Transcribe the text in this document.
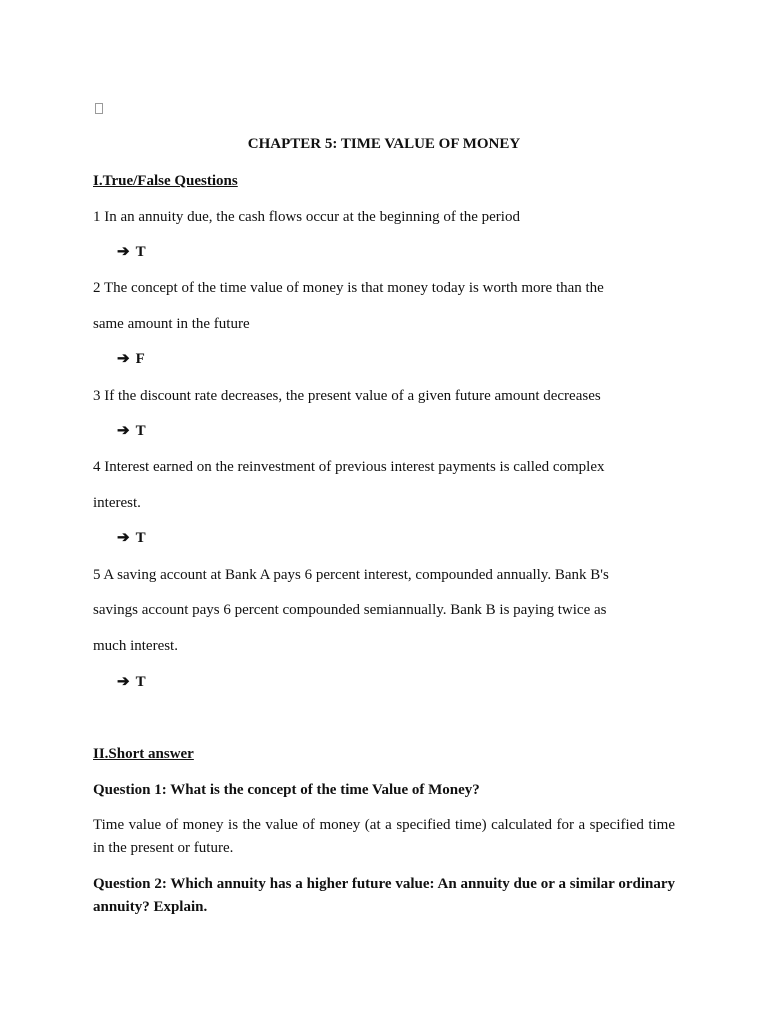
CHAPTER 5: TIME VALUE OF MONEY
I.True/False Questions
1 In an annuity due, the cash flows occur at the beginning of the period
➔ T
2 The concept of the time value of money is that money today is worth more than the
same amount in the future
➔ F
3 If the discount rate decreases, the present value of a given future amount decreases
➔ T
4 Interest earned on the reinvestment of previous interest payments is called complex
interest.
➔ T
5 A saving account at Bank A pays 6 percent interest, compounded annually. Bank B's
savings account pays 6 percent compounded semiannually. Bank B is paying twice as
much interest.
➔ T
II.Short answer
Question 1: What is the concept of the time Value of Money?
Time value of money is the value of money (at a specified time) calculated for a specified time in the present or future.
Question 2: Which annuity has a higher future value: An annuity due or a similar ordinary annuity? Explain.
